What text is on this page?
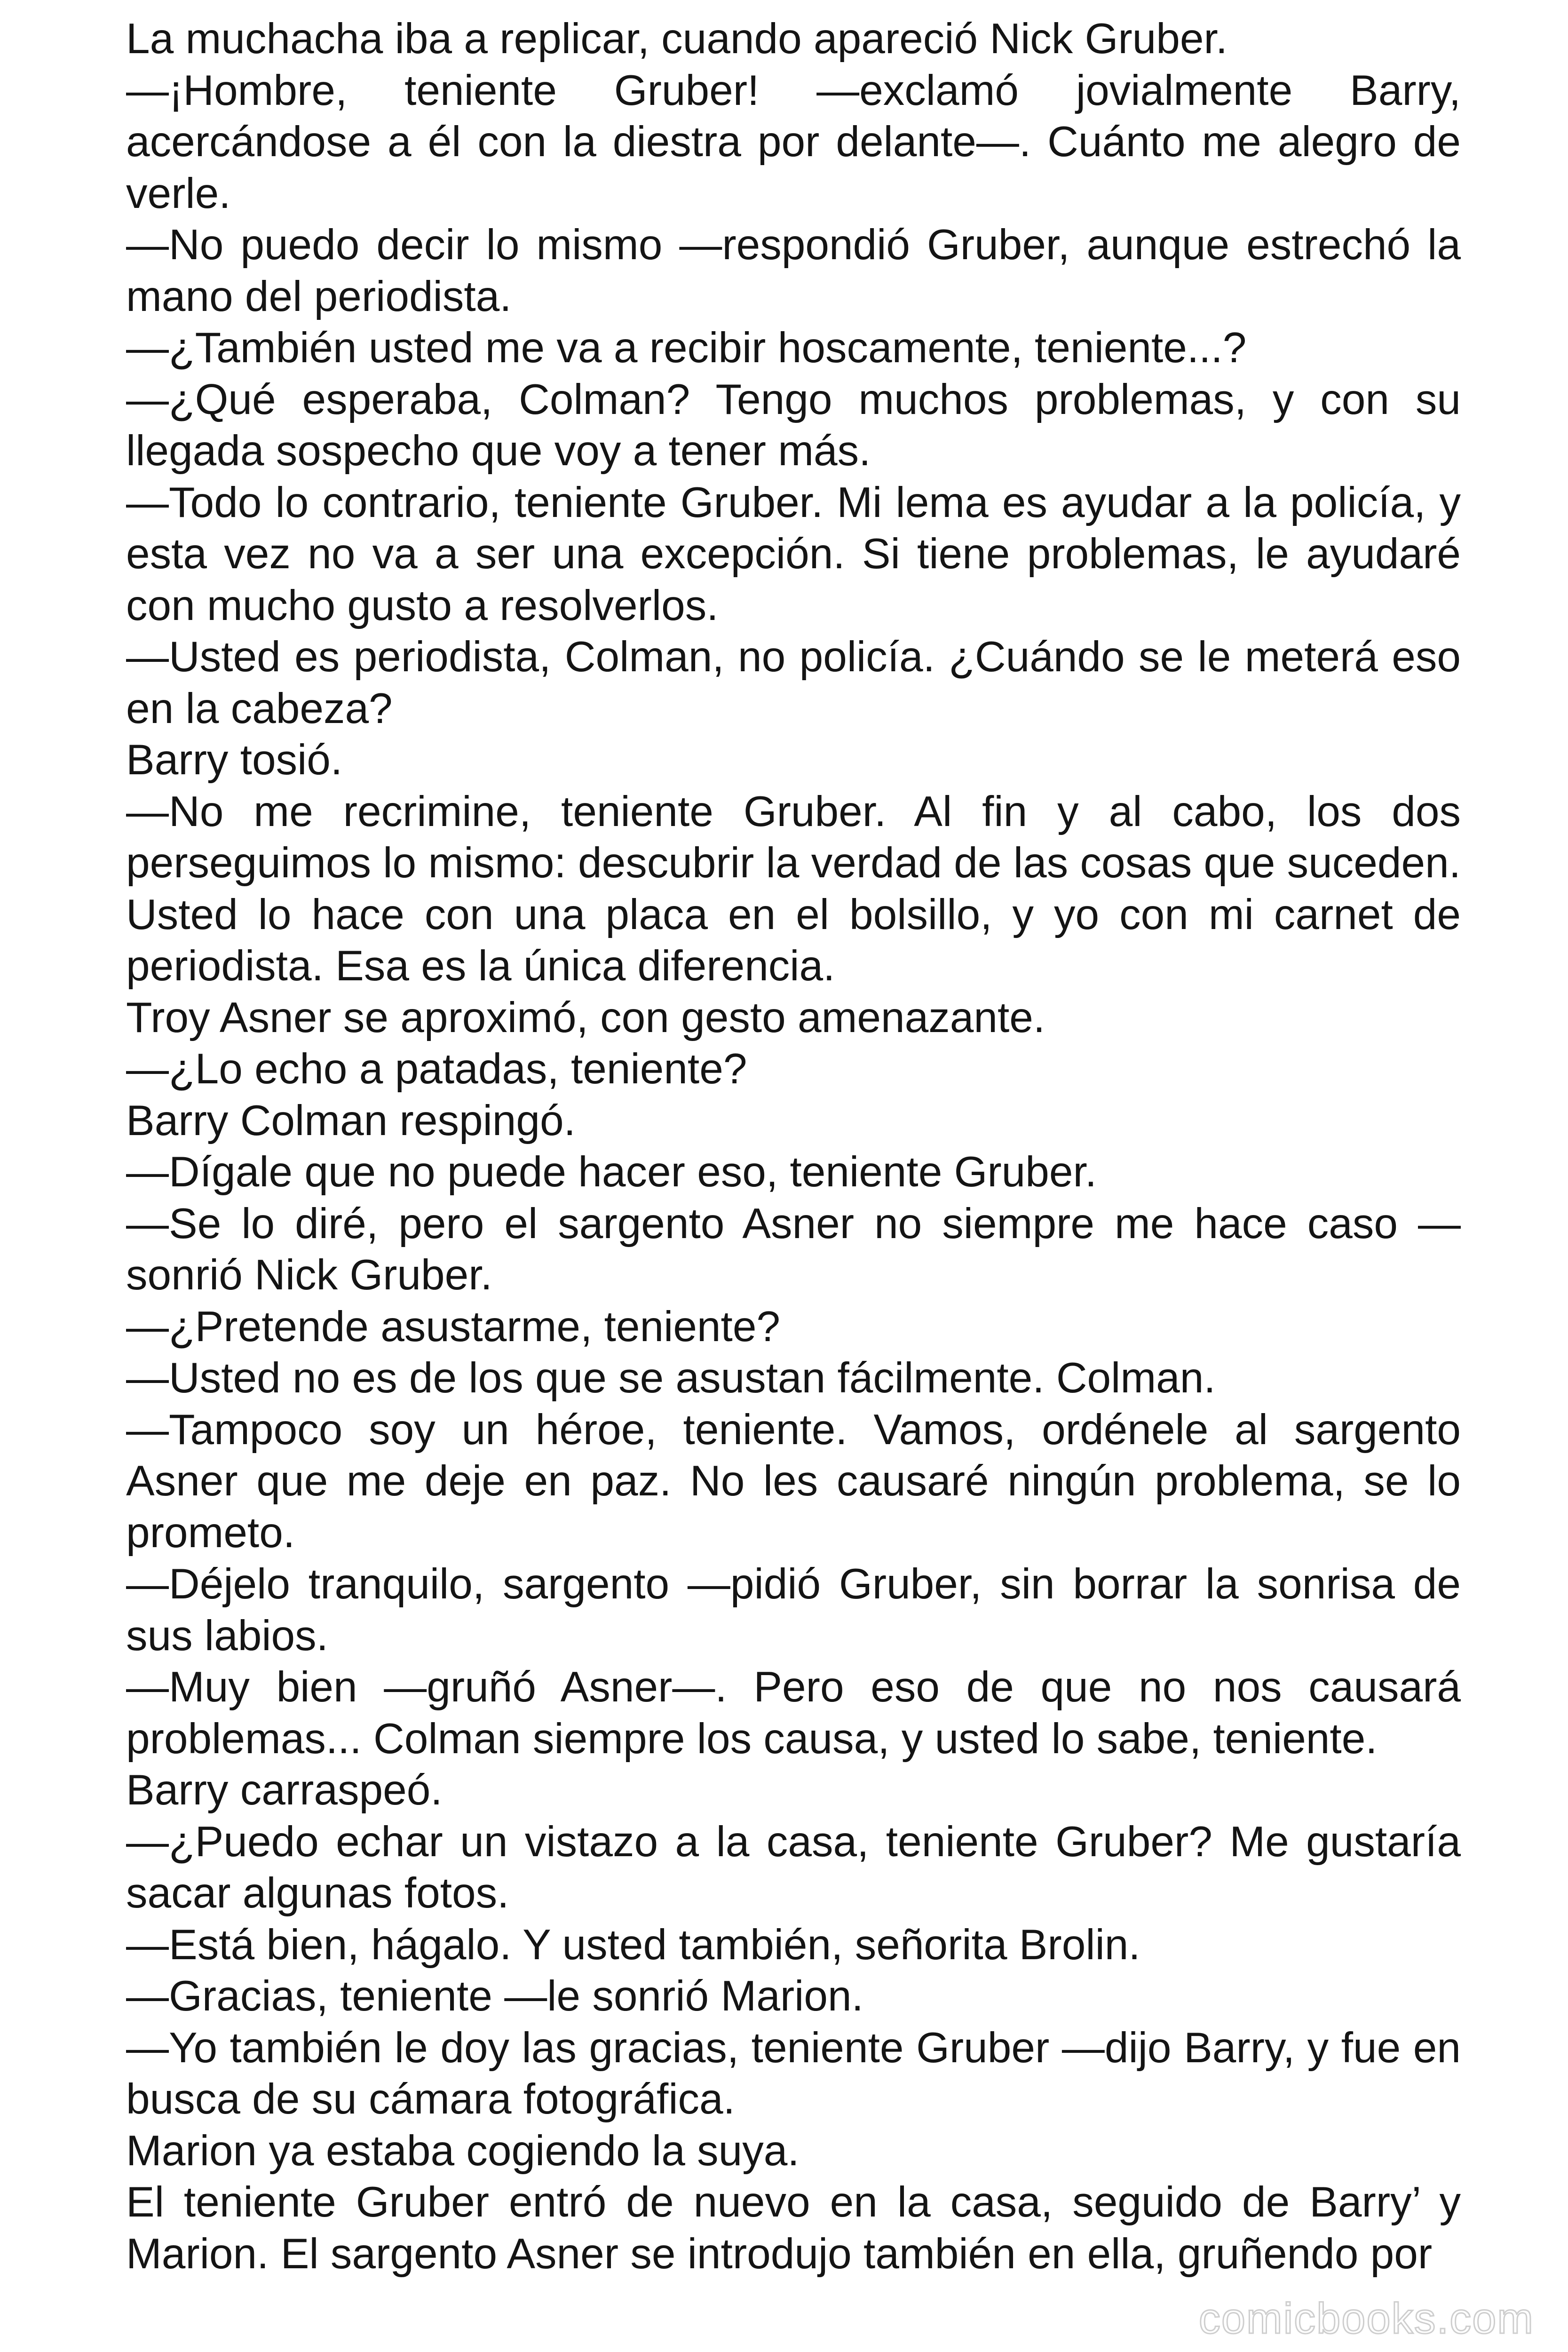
La muchacha iba a replicar, cuando apareció Nick Gruber.

—¡Hombre, teniente Gruber! —exclamó jovialmente Barry, acercándose a él con la diestra por delante—. Cuánto me alegro de verle.

—No puedo decir lo mismo —respondió Gruber, aunque estrechó la mano del periodista.

—¿También usted me va a recibir hoscamente, teniente...?

—¿Qué esperaba, Colman? Tengo muchos problemas, y con su llegada sospecho que voy a tener más.

—Todo lo contrario, teniente Gruber. Mi lema es ayudar a la policía, y esta vez no va a ser una excepción. Si tiene problemas, le ayudaré con mucho gusto a resolverlos.

—Usted es periodista, Colman, no policía. ¿Cuándo se le meterá eso en la cabeza?

Barry tosió.

—No me recrimine, teniente Gruber. Al fin y al cabo, los dos perseguimos lo mismo: descubrir la verdad de las cosas que suceden. Usted lo hace con una placa en el bolsillo, y yo con mi carnet de periodista. Esa es la única diferencia.

Troy Asner se aproximó, con gesto amenazante.

—¿Lo echo a patadas, teniente?

Barry Colman respingó.

—Dígale que no puede hacer eso, teniente Gruber.

—Se lo diré, pero el sargento Asner no siempre me hace caso — sonrió Nick Gruber.

—¿Pretende asustarme, teniente?

—Usted no es de los que se asustan fácilmente. Colman.

—Tampoco soy un héroe, teniente. Vamos, ordénele al sargento Asner que me deje en paz. No les causaré ningún problema, se lo prometo.

—Déjelo tranquilo, sargento —pidió Gruber, sin borrar la sonrisa de sus labios.

—Muy bien —gruñó Asner—. Pero eso de que no nos causará problemas... Colman siempre los causa, y usted lo sabe, teniente.

Barry carraspeó.

—¿Puedo echar un vistazo a la casa, teniente Gruber? Me gustaría sacar algunas fotos.

—Está bien, hágalo. Y usted también, señorita Brolin.

—Gracias, teniente —le sonrió Marion.

—Yo también le doy las gracias, teniente Gruber —dijo Barry, y fue en busca de su cámara fotográfica.

Marion ya estaba cogiendo la suya.

El teniente Gruber entró de nuevo en la casa, seguido de Barry’ y Marion. El sargento Asner se introdujo también en ella, gruñendo por

comicbooks.com
